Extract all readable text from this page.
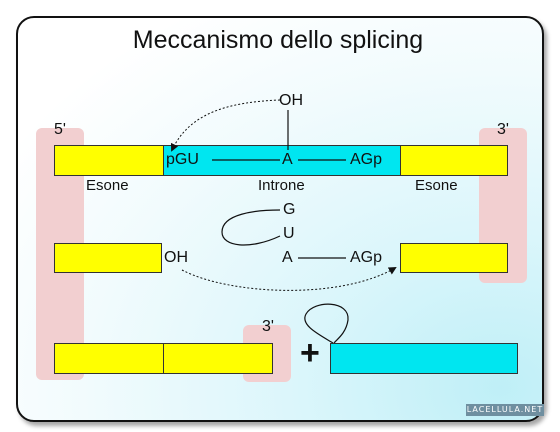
Meccanismo dello splicing
5'	3'
3'
OH
pGU	A	AGp
Esone	Introne	Esone
G
U
A	AGp
OH
+
LACELLULA.NET
